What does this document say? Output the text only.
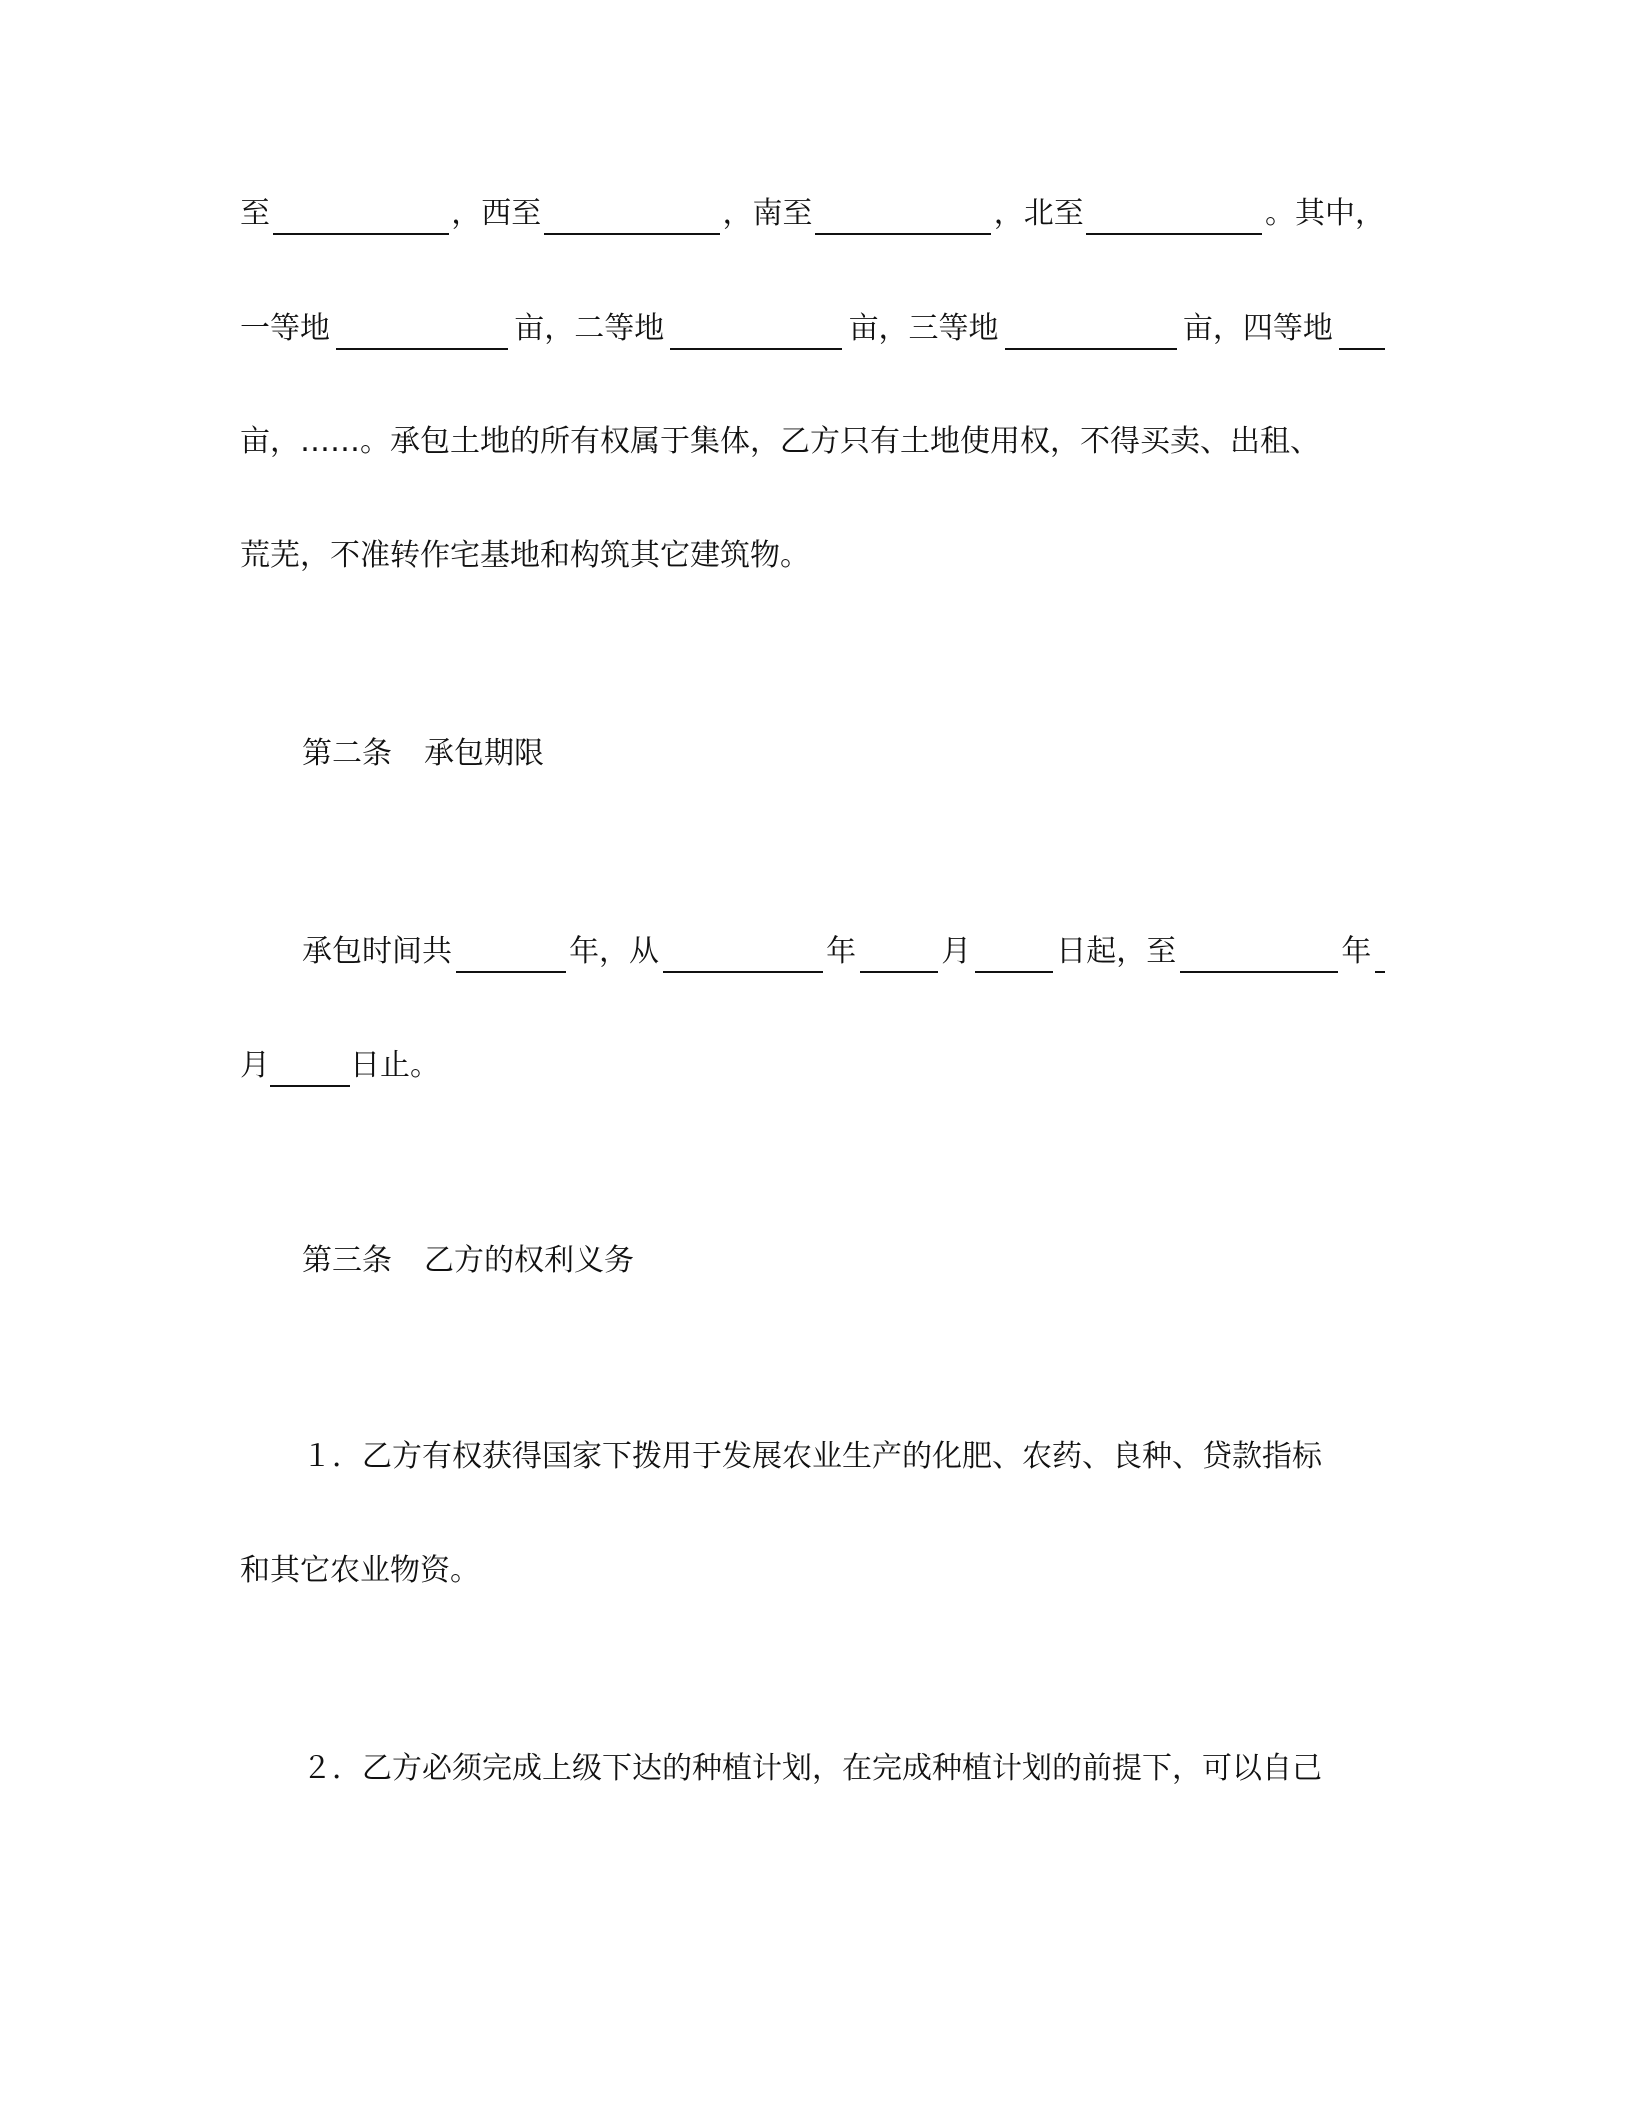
至	，西至	，南至	，北至	。其中，
一等地	亩，二等地	亩，三等地	亩，四等地
亩，……。承包土地的所有权属于集体，乙方只有土地使用权，不得买卖、出租、
荒芜，不准转作宅基地和构筑其它建筑物。
第二条 承包期限
承包时间共	年，从	年	月	日起，至	年
月	日止。
第三条 乙方的权利义务
１．乙方有权获得国家下拨用于发展农业生产的化肥、农药、良种、贷款指标
和其它农业物资。
２．乙方必须完成上级下达的种植计划，在完成种植计划的前提下，可以自己
